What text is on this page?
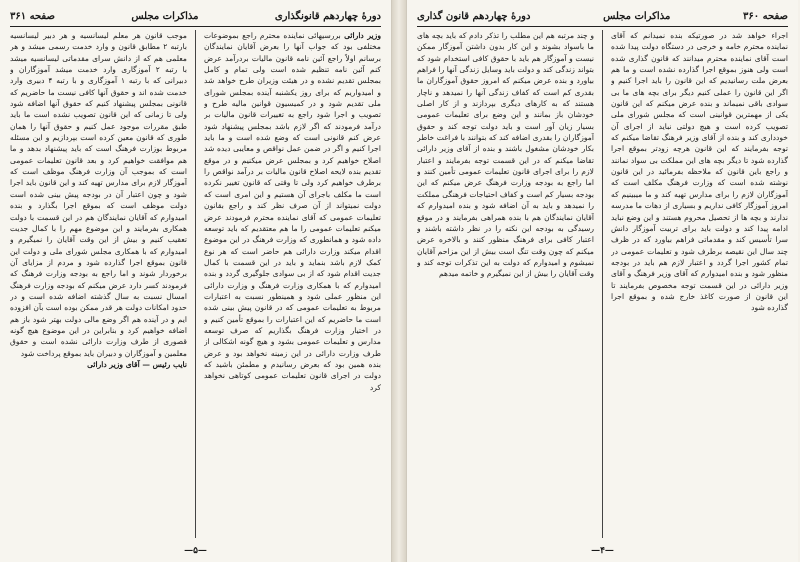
دورهٔ چهاردهم قانونگذاری
مذاکرات مجلس
صفحه ۳۶۱

وزیر دارائی بررسیهائی نماینده محترم راجع بموضوعات مختلفی بود که جواب آنها را بعرض آقایان نمایندگان برسانم اولاً راجع آئین نامه قانون مالیات بردرآمد عرض کنم آئین نامه تنظیم شده است ولی تمام و کامل بمجلس تقدیم نشده و در هیئت وزیران طرح خواهد شد و امیدواریم که برای روز یکشنبه آینده بمجلس شورای ملی تقدیم شود و در کمیسیون قوانین مالیه طرح و تصویب و اجرا شود راجع به تغییرات قانون مالیات بر درآمد فرمودند که اگر لازم باشد بمجلس پیشنهاد شود عرض کنم قانونی است که وضع شده است و ما باید اجرا کنیم و اگر در ضمن عمل نواقص و معایبی دیده شد اصلاح خواهیم کرد و بمجلس عرض میکنیم و در موقع تقدیم بنده لایحه اصلاح قانون مالیات بر درآمد نواقص را برطرف خواهیم کرد ولی تا وقتی که قانون تغییر نکرده است ما مکلف باجرای آن هستیم و این امری است که دولت نمیتواند از آن صرف نظر کند و راجع بقانون تعلیمات عمومی که آقای نماینده محترم فرمودند عرض میکنم تعلیمات عمومی را ما هم معتقدیم که باید توسعه داده شود و همانطوری که وزارت فرهنگ در این موضوع اقدام میکند وزارت دارائی هم حاضر است که هر نوع کمک لازم باشد بنماید و باید در این قسمت با کمال جدیت اقدام شود که از بی سوادی جلوگیری گردد و بنده امیدوارم که با همکاری وزارت فرهنگ و وزارت دارائی این منظور عملی شود و همینطور نسبت به اعتبارات مربوط به تعلیمات عمومی که در قانون پیش بینی شده است ما حاضریم که این اعتبارات را بموقع تأمین کنیم و در اختیار وزارت فرهنگ بگذاریم که صرف توسعه مدارس و تعلیمات عمومی بشود و هیچ گونه اشکالی از طرف وزارت دارائی در این زمینه نخواهد بود و عرض بنده همین بود که بعرض رسانیدم و مطمئن باشید که دولت در اجرای قانون تعلیمات عمومی کوتاهی نخواهد کرد

موجب قانون هر معلم لیسانسیه و هر دبیر لیسانسیه بارتبه ۲ مطابق قانون و وارد خدمت رسمی میشد و هر معلمی هم که از دانش سرای مقدماتی لیسانسیه میشد با رتبه ۲ آموزگاری وارد خدمت میشد آموزگاران و دبیرانی که با رتبه ۱ آموزگاری و با رتبه ۴ دبیری وارد خدمت شده اند و حقوق آنها کافی نیست ما حاضریم که قانونی بمجلس پیشنهاد کنیم که حقوق آنها اضافه شود ولی تا زمانی که این قانون تصویب نشده است ما باید طبق مقررات موجود عمل کنیم و حقوق آنها را همان طوری که قانون معین کرده است بپردازیم و این مسئله مربوط بوزارت فرهنگ است که باید پیشنهاد بدهد و ما هم موافقت خواهیم کرد و بعد قانون تعلیمات عمومی است که بموجب آن وزارت فرهنگ موظف است که آموزگار لازم برای مدارس تهیه کند و این قانون باید اجرا شود و چون اعتبار آن در بودجه پیش بینی شده است دولت موظف است که بموقع اجرا بگذارد و بنده امیدوارم که آقایان نمایندگان هم در این قسمت با دولت همکاری بفرمایند و این موضوع مهم را با کمال جدیت تعقیب کنیم و بیش از این وقت آقایان را نمیگیرم و امیدوارم که با همکاری مجلس شورای ملی و دولت این قانون بموقع اجرا گذارده شود و مردم از مزایای آن برخوردار شوند و اما راجع به بودجه وزارت فرهنگ که فرمودند کسر دارد عرض میکنم که بودجه وزارت فرهنگ امسال نسبت به سال گذشته اضافه شده است و در حدود امکانات دولت هر قدر ممکن بوده است بآن افزوده ایم و در آینده هم اگر وضع مالی دولت بهتر شود باز هم اضافه خواهیم کرد و بنابراین در این موضوع هیچ گونه قصوری از طرف وزارت دارائی نشده است و حقوق معلمین و آموزگاران و دبیران باید بموقع پرداخت شود

نایب رئیس — آقای وزیر دارائی

—۵—
صفحه ۳۶۰
مذاکرات مجلس
دورهٔ چهاردهم قانون گذاری

اجراء خواهد شد در صورتیکه بنده نمیدانم که آقای نماینده محترم خامه و خرجی در دستگاه دولت پیدا شده است آقای نماینده محترم میدانند که قانون گذاری شده است ولی هنوز بموقع اجرا گذارده نشده است و ما هم بعرض ملت رسانیدیم که این قانون را باید اجرا کنیم و اگر این قانون را عملی کنیم دیگر برای بچه های ما بی سوادی باقی نمیماند و بنده عرض میکنم که این قانون یکی از مهمترین قوانینی است که مجلس شورای ملی تصویب کرده است و هیچ دولتی نباید از اجرای آن خودداری کند و بنده از آقای وزیر فرهنگ تقاضا میکنم که توجه بفرمایند که این قانون هرچه زودتر بموقع اجرا گذارده شود تا دیگر بچه های این مملکت بی سواد نمانند و راجع باین قانون که ملاحظه بفرمائید در این قانون نوشته شده است که وزارت فرهنگ مکلف است که آموزگاران لازم را برای مدارس تهیه کند و ما میبینیم که امروز آموزگار کافی نداریم و بسیاری از دهات ما مدرسه ندارند و بچه ها از تحصیل محروم هستند و این وضع نباید ادامه پیدا کند و دولت باید برای تربیت آموزگار دانش سرا تأسیس کند و مقدماتی فراهم بیاورد که در ظرف چند سال این نقیصه برطرف شود و تعلیمات عمومی در تمام کشور اجرا گردد و اعتبار لازم هم باید در بودجه منظور شود و بنده امیدوارم که آقای وزیر فرهنگ و آقای وزیر دارائی در این قسمت توجه مخصوص بفرمایند تا این قانون از صورت کاغذ خارج شده و بموقع اجرا گذارده شود

و چند مرتبه هم این مطلب را تذکر دادم که باید بچه های ما باسواد بشوند و این کار بدون داشتن آموزگار ممکن نیست و آموزگار هم باید با حقوق کافی استخدام شود که بتواند زندگی کند و دولت باید وسایل زندگی آنها را فراهم بیاورد و بنده عرض میکنم که امروز حقوق آموزگاران ما بقدری کم است که کفاف زندگی آنها را نمیدهد و ناچار هستند که به کارهای دیگری بپردازند و از کار اصلی خودشان باز بمانند و این وضع برای تعلیمات عمومی بسیار زیان آور است و باید دولت توجه کند و حقوق آموزگاران را بقدری اضافه کند که بتوانند با فراغت خاطر بکار خودشان مشغول باشند و بنده از آقای وزیر دارائی تقاضا میکنم که در این قسمت توجه بفرمایند و اعتبار لازم را برای اجرای قانون تعلیمات عمومی تأمین کنند و اما راجع به بودجه وزارت فرهنگ عرض میکنم که این بودجه بسیار کم است و کفاف احتیاجات فرهنگی مملکت را نمیدهد و باید به آن اضافه شود و بنده امیدوارم که آقایان نمایندگان هم با بنده همراهی بفرمایند و در موقع رسیدگی به بودجه این نکته را در نظر داشته باشند و اعتبار کافی برای فرهنگ منظور کنند و بالاخره عرض میکنم که چون وقت تنگ است بیش از این مزاحم آقایان نمیشوم و امیدوارم که دولت به این تذکرات توجه کند و وقت آقایان را بیش از این نمیگیرم و خاتمه میدهم

—۴—
